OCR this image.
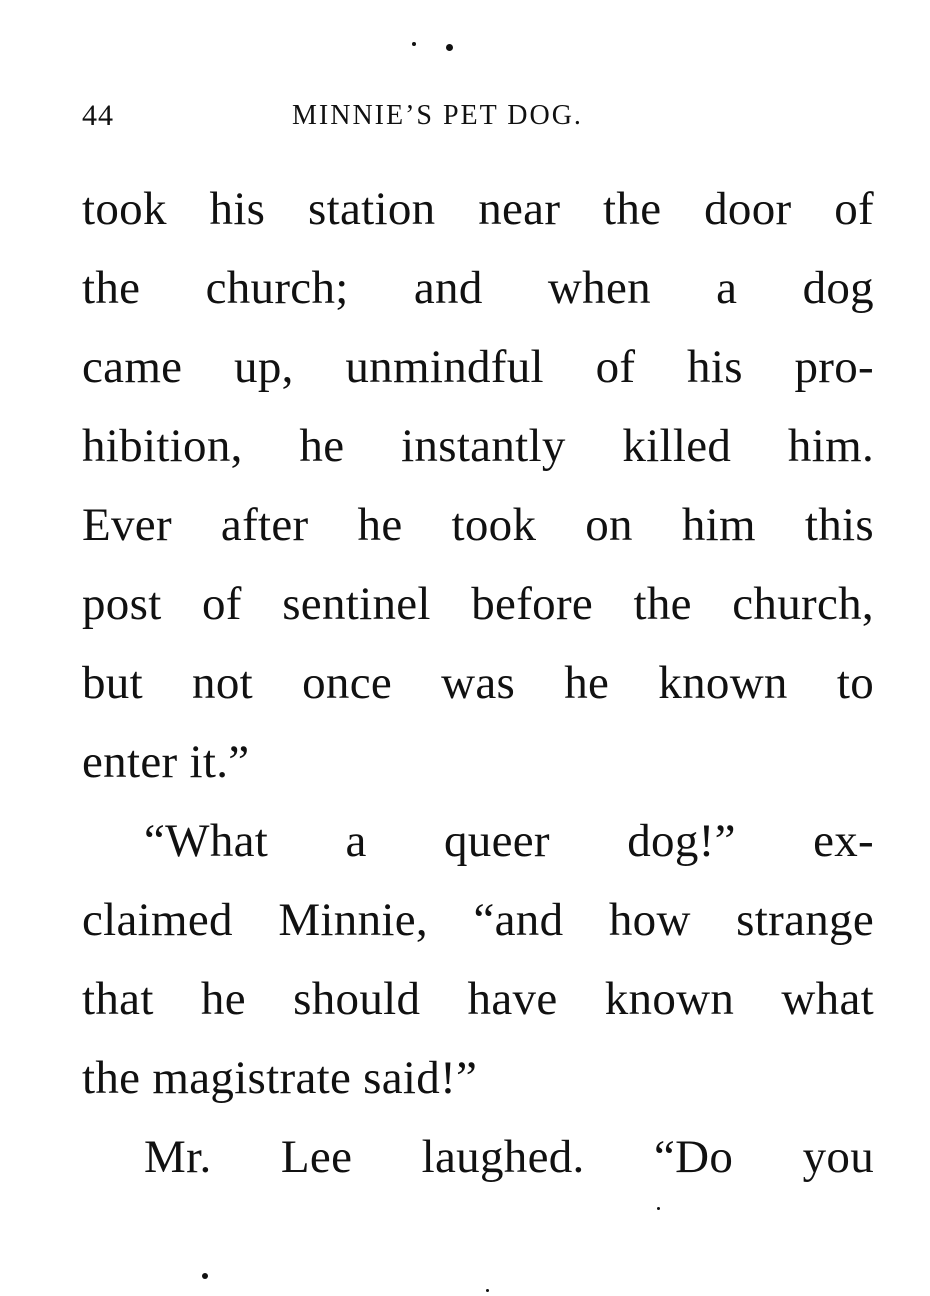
44	MINNIE’S PET DOG.
took his station near the door of
the church; and when a dog
came up, unmindful of his pro-
hibition, he instantly killed him.
Ever after he took on him this
post of sentinel before the church,
but not once was he known to
enter it.”
“What a queer dog!” ex-
claimed Minnie, “and how strange
that he should have known what
the magistrate said!”
Mr. Lee laughed. “Do you
